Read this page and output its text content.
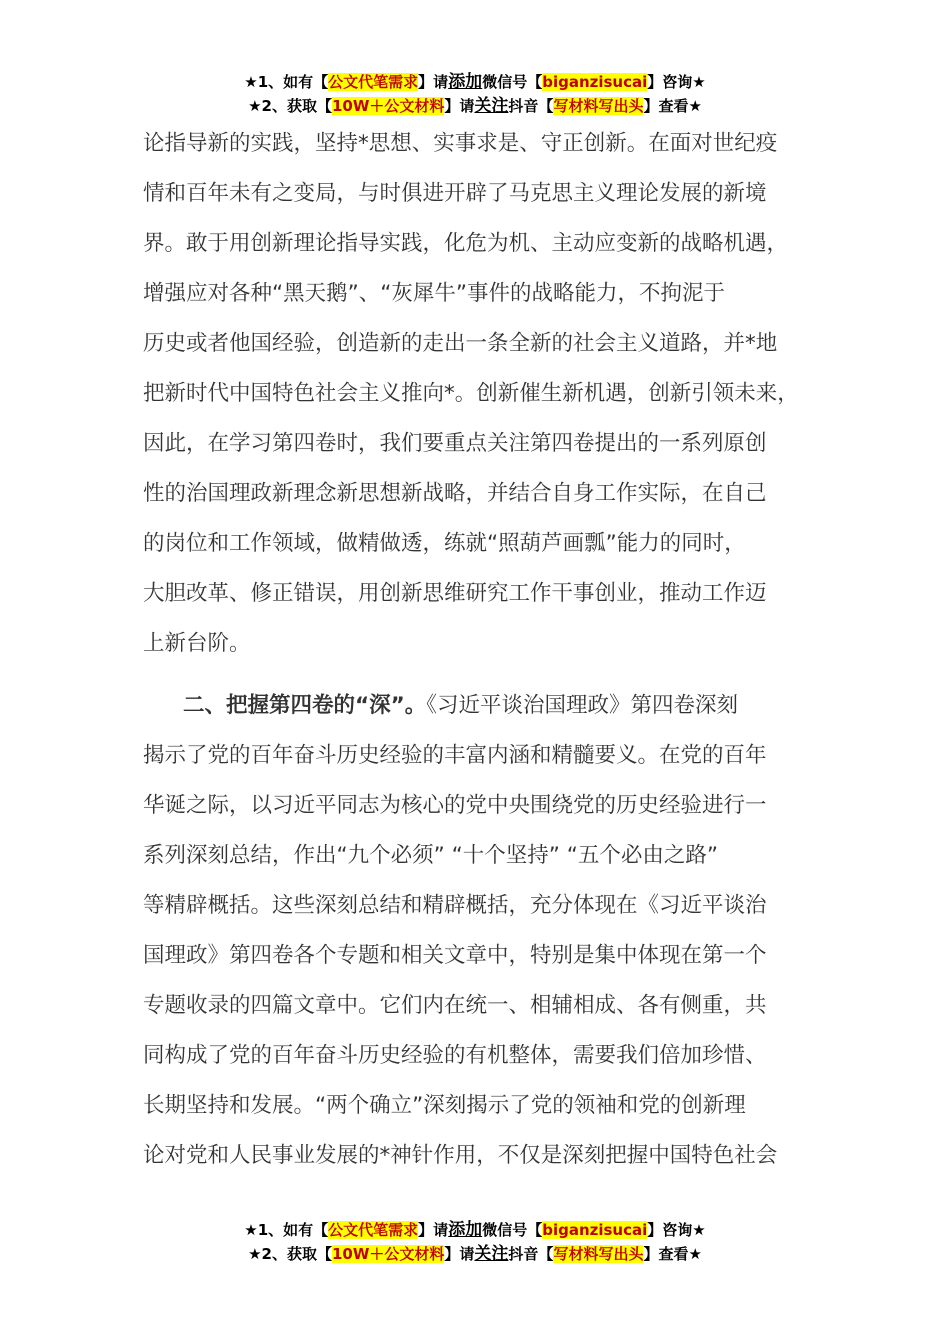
★1、如有【公文代笔需求】请添加微信号【biganzisucai】咨询★
★2、获取【10W＋公文材料】请关注抖音【写材料写出头】查看★
论指导新的实践，坚持*思想、实事求是、守正创新。在面对世纪疫
情和百年未有之变局，与时俱进开辟了马克思主义理论发展的新境
界。敢于用创新理论指导实践，化危为机、主动应变新的战略机遇，
增强应对各种“黑天鹅”、“灰犀牛”事件的战略能力，不拘泥于
历史或者他国经验，创造新的走出一条全新的社会主义道路，并*地
把新时代中国特色社会主义推向*。创新催生新机遇，创新引领未来，
因此，在学习第四卷时，我们要重点关注第四卷提出的一系列原创
性的治国理政新理念新思想新战略，并结合自身工作实际，在自己
的岗位和工作领域，做精做透，练就“照葫芦画瓢”能力的同时，
大胆改革、修正错误，用创新思维研究工作干事创业，推动工作迈
上新台阶。
二、把握第四卷的“深”。《习近平谈治国理政》第四卷深刻
揭示了党的百年奋斗历史经验的丰富内涵和精髓要义。在党的百年
华诞之际，以习近平同志为核心的党中央围绕党的历史经验进行一
系列深刻总结，作出“九个必须” “十个坚持” “五个必由之路”
等精辟概括。这些深刻总结和精辟概括，充分体现在《习近平谈治
国理政》第四卷各个专题和相关文章中，特别是集中体现在第一个
专题收录的四篇文章中。它们内在统一、相辅相成、各有侧重，共
同构成了党的百年奋斗历史经验的有机整体，需要我们倍加珍惜、
长期坚持和发展。“两个确立”深刻揭示了党的领袖和党的创新理
论对党和人民事业发展的*神针作用，不仅是深刻把握中国特色社会
★1、如有【公文代笔需求】请添加微信号【biganzisucai】咨询★
★2、获取【10W＋公文材料】请关注抖音【写材料写出头】查看★
